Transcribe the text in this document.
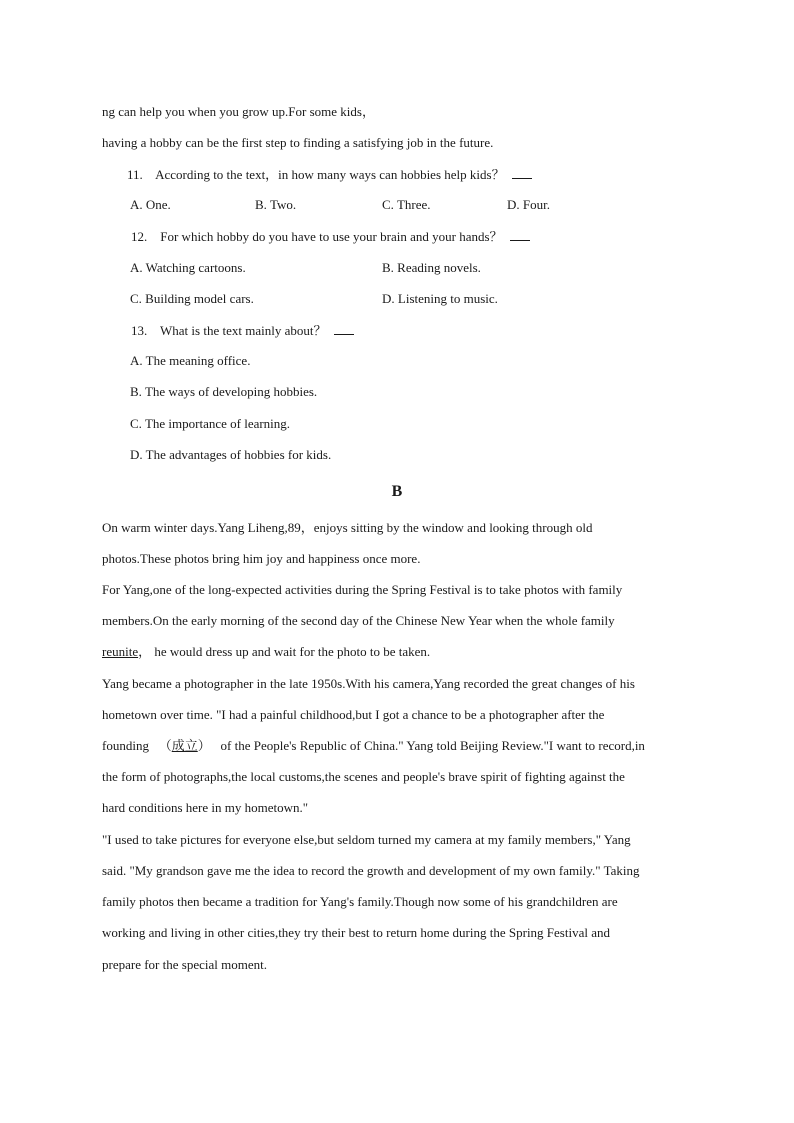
ng can help you when you grow up.For some kids，
having a hobby can be the first step to finding a satisfying job in the future.
11. According to the text，in how many ways can hobbies help kids？
A. One.	B. Two.	C. Three.	D. Four.
12. For which hobby do you have to use your brain and your hands？
A. Watching cartoons.	B. Reading novels.
C. Building model cars.	D. Listening to music.
13. What is the text mainly about？
A. The meaning office.
B. The ways of developing hobbies.
C. The importance of learning.
D. The advantages of hobbies for kids.
B
On warm winter days.Yang Liheng,89，enjoys sitting by the window and looking through old
photos.These photos bring him joy and happiness once more.
For Yang,one of the long-expected activities during the Spring Festival is to take photos with family
members.On the early morning of the second day of the Chinese New Year when the whole family
reunite， he would dress up and wait for the photo to be taken.
Yang became a photographer in the late 1950s.With his camera,Yang recorded the great changes of his
hometown over time. "I had a painful childhood,but I got a chance to be a photographer after the
founding （成立） of the People's Republic of China." Yang told Beijing Review."I want to record,in
the form of photographs,the local customs,the scenes and people's brave spirit of fighting against the
hard conditions here in my hometown."
"I used to take pictures for everyone else,but seldom turned my camera at my family members," Yang
said. "My grandson gave me the idea to record the growth and development of my own family." Taking
family photos then became a tradition for Yang's family.Though now some of his grandchildren are
working and living in other cities,they try their best to return home during the Spring Festival and
prepare for the special moment.
